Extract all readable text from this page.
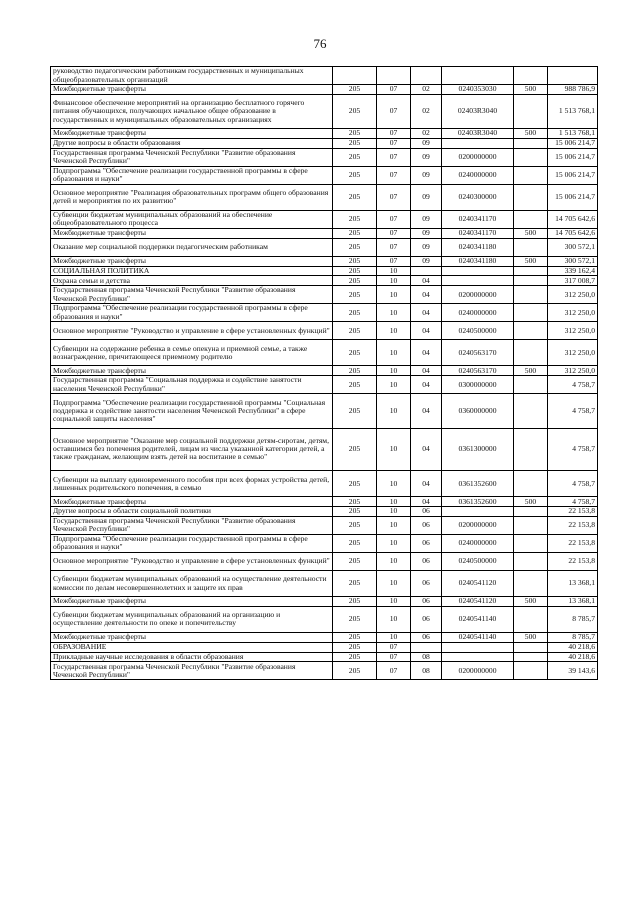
76
руководство педагогическим работникам государственных и муниципальных общеобразовательных организаций						
Межбюджетные трансферты	205	07	02	0240353030	500	988 786,9
Финансовое обеспечение мероприятий на организацию бесплатного горячего питания обучающихся, получающих начальное общее образование в государственных и муниципальных образовательных организациях	205	07	02	02403R3040		1 513 768,1
Межбюджетные трансферты	205	07	02	02403R3040	500	1 513 768,1
Другие вопросы в области образования	205	07	09			15 006 214,7
Государственная программа Чеченской Республики "Развитие образования Чеченской Республики"	205	07	09	0200000000		15 006 214,7
Подпрограмма "Обеспечение реализации государственной программы в сфере образования и науки"	205	07	09	0240000000		15 006 214,7
Основное мероприятие "Реализация образовательных программ общего образования детей и мероприятия по их развитию"	205	07	09	0240300000		15 006 214,7
Субвенции бюджетам муниципальных образований на обеспечение общеобразовательного процесса	205	07	09	0240341170		14 705 642,6
Межбюджетные трансферты	205	07	09	0240341170	500	14 705 642,6
Оказание мер социальной поддержки педагогическим работникам	205	07	09	0240341180		300 572,1
Межбюджетные трансферты	205	07	09	0240341180	500	300 572,1
СОЦИАЛЬНАЯ ПОЛИТИКА	205	10				339 162,4
Охрана семьи и детства	205	10	04			317 008,7
Государственная программа Чеченской Республики "Развитие образования Чеченской Республики"	205	10	04	0200000000		312 250,0
Подпрограмма "Обеспечение реализации государственной программы в сфере образования и науки"	205	10	04	0240000000		312 250,0
Основное мероприятие "Руководство и управление в сфере установленных функций"	205	10	04	0240500000		312 250,0
Субвенции на содержание ребенка в семье опекуна и приемной семье, а также вознаграждение, причитающееся приемному родителю	205	10	04	0240563170		312 250,0
Межбюджетные трансферты	205	10	04	0240563170	500	312 250,0
Государственная программа "Социальная поддержка и содействие занятости населения Чеченской Республики"	205	10	04	0300000000		4 758,7
Подпрограмма "Обеспечение реализации государственной программы "Социальная поддержка и содействие занятости населения Чеченской Республики" в сфере социальной защиты населения"	205	10	04	0360000000		4 758,7
Основное мероприятие "Оказание мер социальной поддержки детям-сиротам, детям, оставшимся без попечения родителей, лицам из числа указанной категории детей, а также гражданам, желающим взять детей на воспитание в семью"	205	10	04	0361300000		4 758,7
Субвенции на выплату единовременного пособия при всех формах устройства детей, лишенных родительского попечения, в семью	205	10	04	0361352600		4 758,7
Межбюджетные трансферты	205	10	04	0361352600	500	4 758,7
Другие вопросы в области социальной политики	205	10	06			22 153,8
Государственная программа Чеченской Республики "Развитие образования Чеченской Республики"	205	10	06	0200000000		22 153,8
Подпрограмма "Обеспечение реализации государственной программы в сфере образования и науки"	205	10	06	0240000000		22 153,8
Основное мероприятие "Руководство и управление в сфере установленных функций"	205	10	06	0240500000		22 153,8
Субвенции бюджетам муниципальных образований на осуществление деятельности комиссии по делам несовершеннолетних и защите их прав	205	10	06	0240541120		13 368,1
Межбюджетные трансферты	205	10	06	0240541120	500	13 368,1
Субвенции бюджетам муниципальных образований на организацию и осуществление деятельности по опеке и попечительству	205	10	06	0240541140		8 785,7
Межбюджетные трансферты	205	10	06	0240541140	500	8 785,7
ОБРАЗОВАНИЕ	205	07				40 218,6
Прикладные научные исследования в области образования	205	07	08			40 218,6
Государственная программа Чеченской Республики "Развитие образования Чеченской Республики"	205	07	08	0200000000		39 143,6
